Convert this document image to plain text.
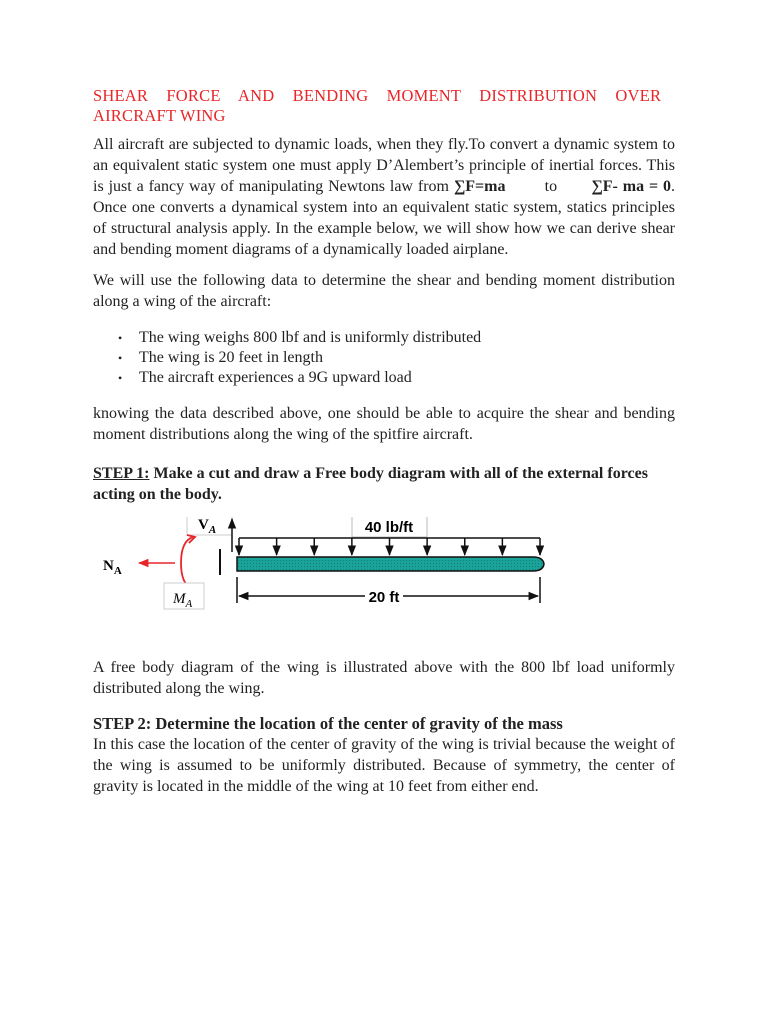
SHEAR FORCE AND BENDING MOMENT DISTRIBUTION OVER
AIRCRAFT WING

All aircraft are subjected to dynamic loads, when they fly.To convert a dynamic system to an equivalent static system one must apply D’Alembert’s principle of inertial forces. This is just a fancy way of manipulating Newtons law from ∑F=ma to ∑F- ma = 0. Once one converts a dynamical system into an equivalent static system, statics principles of structural analysis apply. In the example below, we will show how we can derive shear and bending moment diagrams of a dynamically loaded airplane.

We will use the following data to determine the shear and bending moment distribution along a wing of the aircraft:

• The wing weighs 800 lbf and is uniformly distributed
• The wing is 20 feet in length
• The aircraft experiences a 9G upward load

knowing the data described above, one should be able to acquire the shear and bending moment distributions along the wing of the spitfire aircraft.

STEP 1: Make a cut and draw a Free body diagram with all of the external forces acting on the body.

40 lb/ft
$V_A$
$N_A$
$M_A$	20 ft

A free body diagram of the wing is illustrated above with the 800 lbf load uniformly distributed along the wing.

STEP 2: Determine the location of the center of gravity of the mass

In this case the location of the center of gravity of the wing is trivial because the weight of the wing is assumed to be uniformly distributed. Because of symmetry, the center of gravity is located in the middle of the wing at 10 feet from either end.
